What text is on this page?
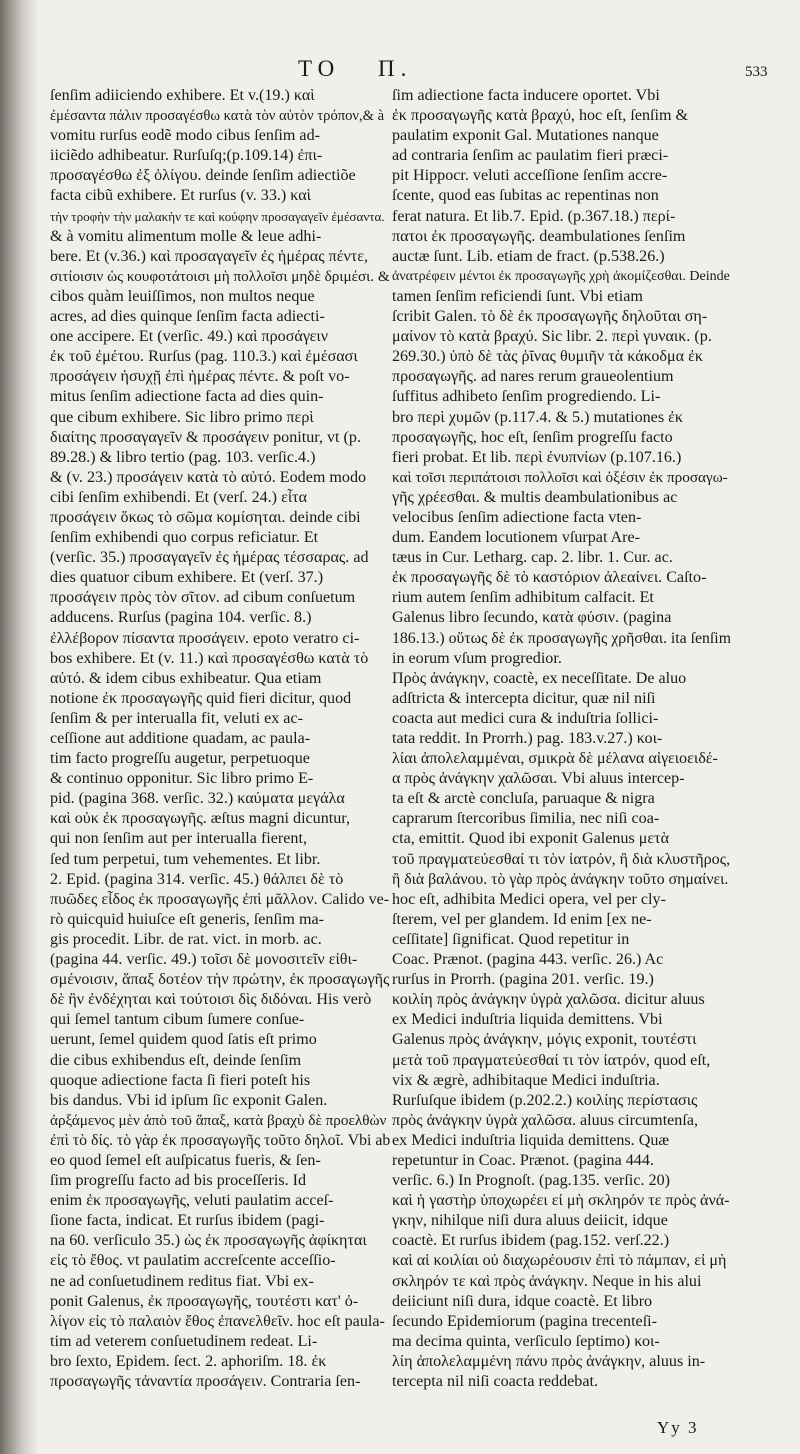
TO Π.	533

ſenſim adiiciendo exhibere. Et v.(19.) καὶ

ἐμέσαντα πάλιν προσαγέσθω κατὰ τὸν αὐτὸν τρόπον,& à

vomitu rurſus eodẽ modo cibus ſenſim ad-

iiciẽdo adhibeatur. Rurſuſq;(p.109.14) ἐπι-

προσαγέσθω ἐξ ὀλίγου. deinde ſenſim adiectiõe

facta cibũ exhibere. Et rurſus (v. 33.) καὶ

τὴν τροφὴν τὴν μαλακὴν τε καὶ κούφην προσαγαγεῖν ἐμέσαντα.

& à vomitu alimentum molle & leue adhi-

bere. Et (v.36.) καὶ προσαγαγεῖν ἐς ἡμέρας πέντε,

σιτίοισιν ὡς κουφοτάτοισι μὴ πολλοῖσι μηδὲ δριμέσι. &

cibos quàm leuiſſimos, non multos neque

acres, ad dies quinque ſenſim facta adiecti-

one accipere. Et (verſic. 49.) καὶ προσάγειν

ἐκ τοῦ ἐμέτου. Rurſus (pag. 110.3.) καὶ ἐμέσασι

προσάγειν ἡσυχῇ ἐπὶ ἡμέρας πέντε. & poſt vo-

mitus ſenſim adiectione facta ad dies quin-

que cibum exhibere. Sic libro primo περὶ

διαίτης προσαγαγεῖν & προσάγειν ponitur, vt (p.

89.28.) & libro tertio (pag. 103. verſic.4.)

& (v. 23.) προσάγειν κατὰ τὸ αὐτό. Eodem modo

cibi ſenſim exhibendi. Et (verſ. 24.) εἶτα

προσάγειν ὅκως τὸ σῶμα κομίσηται. deinde cibi

ſenſim exhibendi quo corpus reficiatur. Et

(verſic. 35.) προσαγαγεῖν ἐς ἡμέρας τέσσαρας. ad

dies quatuor cibum exhibere. Et (verſ. 37.)

προσάγειν πρὸς τὸν σῖτον. ad cibum conſuetum

adducens. Rurſus (pagina 104. verſic. 8.)

ἐλλέβορον πίσαντα προσάγειν. epoto veratro ci-

bos exhibere. Et (v. 11.) καὶ προσαγέσθω κατὰ τὸ

αὐτό. & idem cibus exhibeatur. Qua etiam

notione ἐκ προσαγωγῆς quid fieri dicitur, quod

ſenſim & per interualla fit, veluti ex ac-

ceſſione aut additione quadam, ac paula-

tim facto progreſſu augetur, perpetuoque

& continuo opponitur. Sic libro primo E-

pid. (pagina 368. verſic. 32.) καύματα μεγάλα

καὶ οὐκ ἐκ προσαγωγῆς. æſtus magni dicuntur,

qui non ſenſim aut per interualla fierent,

ſed tum perpetui, tum vehementes. Et libr.

2. Epid. (pagina 314. verſic. 45.) θάλπει δὲ τὸ

πυῶδες εἶδος ἐκ προσαγωγῆς ἐπὶ μᾶλλον. Calido ve-

rò quicquid huiuſce eſt generis, ſenſim ma-

gis procedit. Libr. de rat. vict. in morb. ac.

(pagina 44. verſic. 49.) τοῖσι δὲ μονοσιτεῖν εἰθι-

σμένοισιν, ἅπαξ δοτέον τὴν πρώτην, ἐκ προσαγωγῆς

δὲ ἢν ἐνδέχηται καὶ τούτοισι δὶς διδόναι. His verò

qui ſemel tantum cibum ſumere conſue-

uerunt, ſemel quidem quod ſatis eſt primo

die cibus exhibendus eſt, deinde ſenſim

quoque adiectione facta ſi fieri poteſt his

bis dandus. Vbi id ipſum ſic exponit Galen.

ἀρξάμενος μὲν ἀπὸ τοῦ ἅπαξ, κατὰ βραχὺ δὲ προελθὼν

ἐπὶ τὸ δίς. τὸ γὰρ ἐκ προσαγωγῆς τοῦτο δηλοῖ. Vbi ab

eo quod ſemel eſt auſpicatus fueris, & ſen-

ſim progreſſu facto ad bis proceſſeris. Id

enim ἐκ προσαγωγῆς, veluti paulatim acceſ-

ſione facta, indicat. Et rurſus ibidem (pagi-

na 60. verſiculo 35.) ὡς ἐκ προσαγωγῆς ἀφίκηται

εἰς τὸ ἔθος. vt paulatim accreſcente acceſſio-

ne ad conſuetudinem reditus fiat. Vbi ex-

ponit Galenus, ἐκ προσαγωγῆς, τουτέστι κατ' ὀ-

λίγον εἰς τὸ παλαιὸν ἔθος ἐπανελθεῖν. hoc eſt paula-

tim ad veterem conſuetudinem redeat. Li-

bro ſexto, Epidem. ſect. 2. aphoriſm. 18. ἐκ

προσαγωγῆς τἀναντία προσάγειν. Contraria ſen-

ſim adiectione facta inducere oportet. Vbi

ἐκ προσαγωγῆς κατὰ βραχύ, hoc eſt, ſenſim &

paulatim exponit Gal. Mutationes nanque

ad contraria ſenſim ac paulatim fieri præci-

pit Hippocr. veluti acceſſione ſenſim accre-

ſcente, quod eas ſubitas ac repentinas non

ferat natura. Et lib.7. Epid. (p.367.18.) περί-

πατοι ἐκ προσαγωγῆς. deambulationes ſenſim

auctæ ſunt. Lib. etiam de fract. (p.538.26.)

ἀνατρέφειν μέντοι ἐκ προσαγωγῆς χρὴ ἀκομίζεσθαι. Deinde

tamen ſenſim reficiendi ſunt. Vbi etiam

ſcribit Galen. τὸ δὲ ἐκ προσαγωγῆς δηλοῦται ση-

μαίνον τὸ κατὰ βραχύ. Sic libr. 2. περὶ γυναικ. (p.

269.30.) ὑπὸ δὲ τὰς ῥῖνας θυμιῆν τὰ κάκοδμα ἐκ

προσαγωγῆς. ad nares rerum graueolentium

ſuffitus adhibeto ſenſim progrediendo. Li-

bro περὶ χυμῶν (p.117.4. & 5.) mutationes ἐκ

προσαγωγῆς, hoc eſt, ſenſim progreſſu facto

fieri probat. Et lib. περὶ ἐνυπνίων (p.107.16.)

καὶ τοῖσι περιπάτοισι πολλοῖσι καὶ ὀξέσιν ἐκ προσαγω-

γῆς χρέεσθαι. & multis deambulationibus ac

velocibus ſenſim adiectione facta vten-

dum. Eandem locutionem vſurpat Are-

tæus in Cur. Letharg. cap. 2. libr. 1. Cur. ac.

ἐκ προσαγωγῆς δὲ τὸ καστόριον ἀλεαίνει. Caſto-

rium autem ſenſim adhibitum calfacit. Et

Galenus libro ſecundo, κατὰ φύσιν. (pagina

186.13.) οὕτως δὲ ἐκ προσαγωγῆς χρῆσθαι. ita ſenſim

in eorum vſum progredior.

Πρὸς ἀνάγκην, coactè, ex neceſſitate. De aluo

adſtricta & intercepta dicitur, quæ nil niſi

coacta aut medici cura & induſtria ſollici-

tata reddit. In Prorrh.) pag. 183.v.27.) κοι-

λίαι ἀπολελαμμέναι, σμικρὰ δὲ μέλανα αἰγειοειδέ-

α πρὸς ἀνάγκην χαλῶσαι. Vbi aluus intercep-

ta eſt & arctè concluſa, paruaque & nigra

caprarum ſtercoribus ſimilia, nec niſi coa-

cta, emittit. Quod ibi exponit Galenus μετὰ

τοῦ πραγματεύεσθαί τι τὸν ἰατρόν, ἢ διὰ κλυστῆρος,

ἢ διὰ βαλάνου. τὸ γὰρ πρὸς ἀνάγκην τοῦτο σημαίνει.

hoc eſt, adhibita Medici opera, vel per cly-

ſterem, vel per glandem. Id enim [ex ne-

ceſſitate] ſignificat. Quod repetitur in

Coac. Prænot. (pagina 443. verſic. 26.) Ac

rurſus in Prorrh. (pagina 201. verſic. 19.)

κοιλίη πρὸς ἀνάγκην ὑγρὰ χαλῶσα. dicitur aluus

ex Medici induſtria liquida demittens. Vbi

Galenus πρὸς ἀνάγκην, μόγις exponit, τουτέστι

μετὰ τοῦ πραγματεύεσθαί τι τὸν ἰατρόν, quod eſt,

vix & ægrè, adhibitaque Medici induſtria.

Rurſuſque ibidem (p.202.2.) κοιλίης περίστασις

πρὸς ἀνάγκην ὑγρὰ χαλῶσα. aluus circumtenſa,

ex Medici induſtria liquida demittens. Quæ

repetuntur in Coac. Prænot. (pagina 444.

verſic. 6.) In Prognoſt. (pag.135. verſic. 20)

καὶ ἡ γαστὴρ ὑποχωρέει εἰ μὴ σκληρόν τε πρὸς ἀνά-

γκην, nihilque niſi dura aluus deiicit, idque

coactè. Et rurſus ibidem (pag.152. verſ.22.)

καὶ αἱ κοιλίαι οὐ διαχωρέουσιν ἐπὶ τὸ πάμπαν, εἰ μὴ

σκληρόν τε καὶ πρὸς ἀνάγκην. Neque in his alui

deiiciunt niſi dura, idque coactè. Et libro

ſecundo Epidemiorum (pagina trecenteſi-

ma decima quinta, verſiculo ſeptimo) κοι-

λίη ἀπολελαμμένη πάνυ πρὸς ἀνάγκην, aluus in-

tercepta nil niſi coacta reddebat.

Yy 3
